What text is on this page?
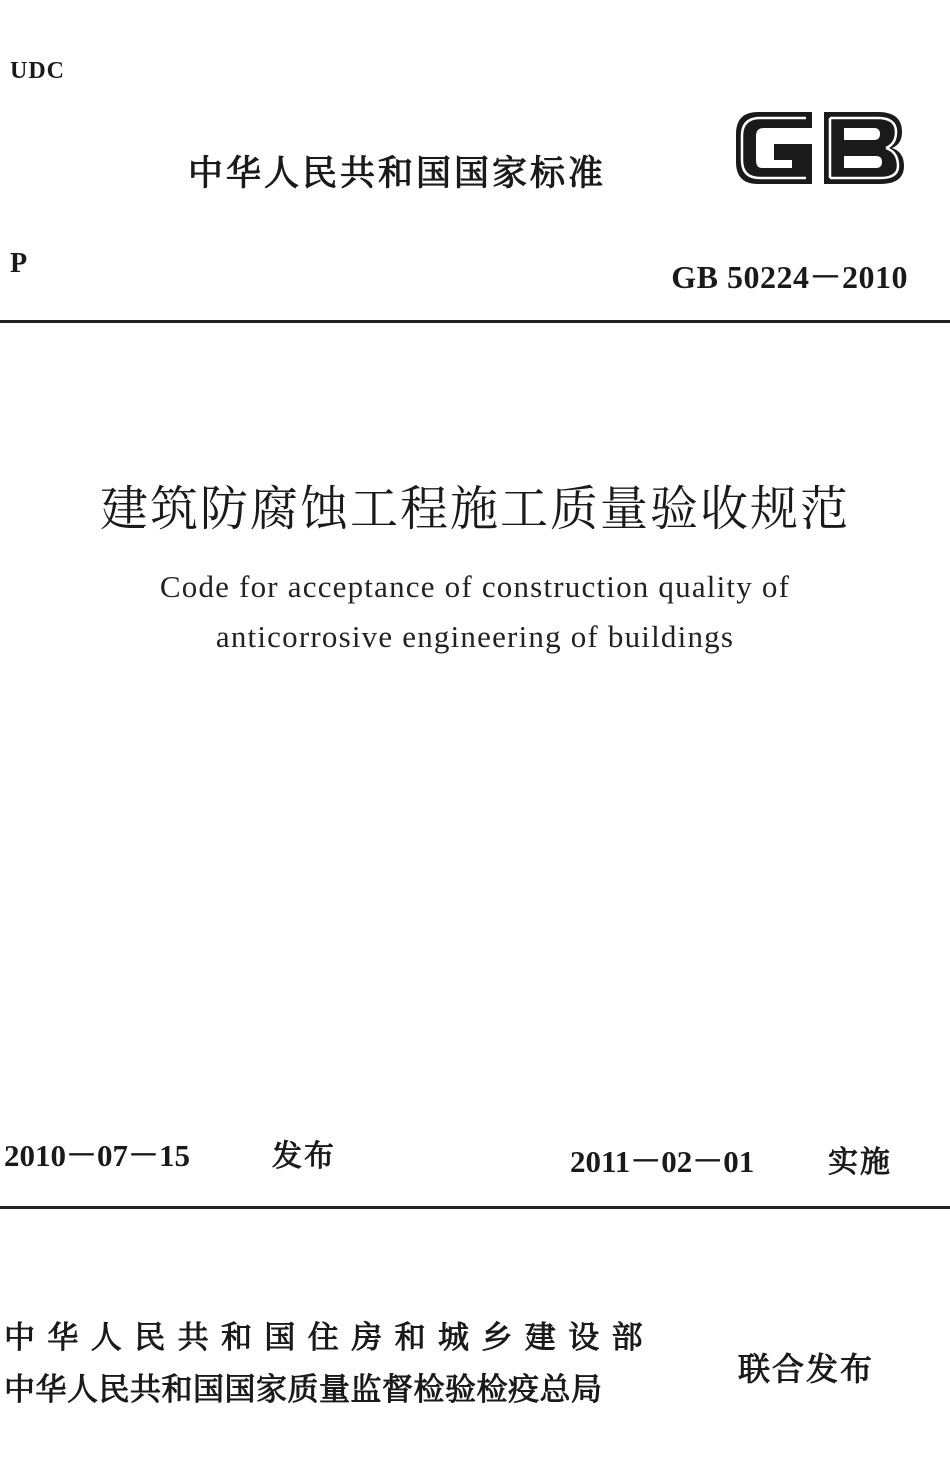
UDC
中华人民共和国国家标准
P	GB 50224－2010
建筑防腐蚀工程施工质量验收规范
Code for acceptance of construction quality of
anticorrosive engineering of buildings
2010－07－15	发布	2011－02－01 实施
中华人民共和国住房和城乡建设部
中华人民共和国国家质量监督检验检疫总局
联合发布
